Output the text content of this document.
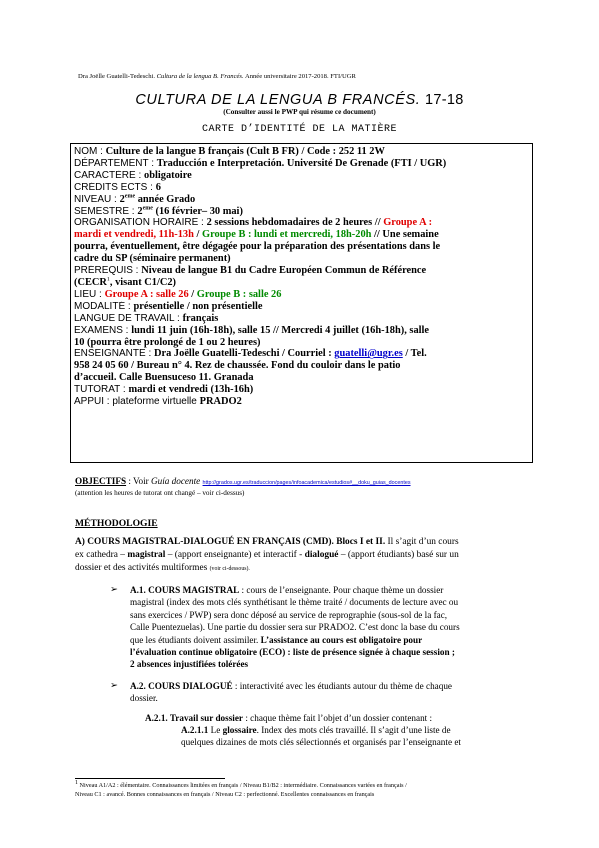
Dra Joëlle Guatelli-Tedeschi. Cultura de la lengua B. Francés. Année universitaire 2017-2018. FTI/UGR
CULTURA DE LA LENGUA B FRANCÉS. 17-18
(Consulter aussi le PWP qui résume ce document)
CARTE D’IDENTITÉ DE LA MATIÈRE
NOM : Culture de la langue B français (Cult B FR) / Code : 252 11 2W
DÉPARTEMENT : Traducción e Interpretación. Université De Grenade (FTI / UGR)
CARACTÈRE : obligatoire
CRÉDITS ECTS : 6
NIVEAU : 2ème année Grado
SEMESTRE : 2ème (16 février– 30 mai)
ORGANISATION HORAIRE : 2 sessions hebdomadaires de 2 heures // Groupe A :
mardi et vendredi, 11h-13h / Groupe B : lundi et mercredi, 18h-20h // Une semaine
pourra, éventuellement, être dégagée pour la préparation des présentations dans le
cadre du SP (séminaire permanent)
PRÉREQUIS : Niveau de langue B1 du Cadre Européen Commun de Référence
(CECR$^1$, visant C1/C2)
LIEU : Groupe A : salle 26 / Groupe B : salle 26
MODALITÉ : présentielle / non présentielle
LANGUE DE TRAVAIL : français
EXAMENS : lundi 11 juin (16h-18h), salle 15 // Mercredi 4 juillet (16h-18h), salle
10 (pourra être prolongé de 1 ou 2 heures)
ENSEIGNANTE : Dra Joëlle Guatelli-Tedeschi / Courriel : guatelli@ugr.es / Tel.
958 24 05 60 / Bureau n° 4. Rez de chaussée. Fond du couloir dans le patio
d’accueil. Calle Buensuceso 11. Granada
TUTORAT : mardi et vendredi (13h-16h)
APPUI : plateforme virtuelle PRADO2
OBJECTIFS : Voir Guía docente http://grados.ugr.es/traduccion/pages/infoacademica/estudios#__doku_guias_docentes
(attention les heures de tutorat ont changé – voir ci-dessus)
MÉTHODOLOGIE
A) COURS MAGISTRAL-DIALOGUÉ EN FRANÇAIS (CMD). Blocs I et II. Il s’agit d’un cours
ex cathedra – magistral – (apport enseignante) et interactif - dialogué – (apport étudiants) basé sur un
dossier et des activités multiformes (voir ci-dessous).
➢ A.1. COURS MAGISTRAL : cours de l’enseignante. Pour chaque thème un dossier
magistral (index des mots clés synthétisant le thème traité / documents de lecture avec ou
sans exercices / PWP) sera donc déposé au service de reprographie (sous-sol de la fac,
Calle Puentezuelas). Une partie du dossier sera sur PRADO2. C’est donc la base du cours
que les étudiants doivent assimiler. L’assistance au cours est obligatoire pour
l’évaluation continue obligatoire (ECO) : liste de présence signée à chaque session ;
2 absences injustifiées tolérées
➢ A.2. COURS DIALOGUÉ : interactivité avec les étudiants autour du thème de chaque
dossier.
A.2.1. Travail sur dossier : chaque thème fait l’objet d’un dossier contenant :
A.2.1.1 Le glossaire. Index des mots clés travaillé. Il s’agit d’une liste de
quelques dizaines de mots clés sélectionnés et organisés par l’enseignante et
$^1$ Niveau A1/A2 : élémentaire. Connaissances limitées en français / Niveau B1/B2 : intermédiaire. Connaissances variées en français /
Niveau C1 : avancé. Bonnes connaissances en français / Niveau C2 : perfectionné. Excellentes connaissances en français
